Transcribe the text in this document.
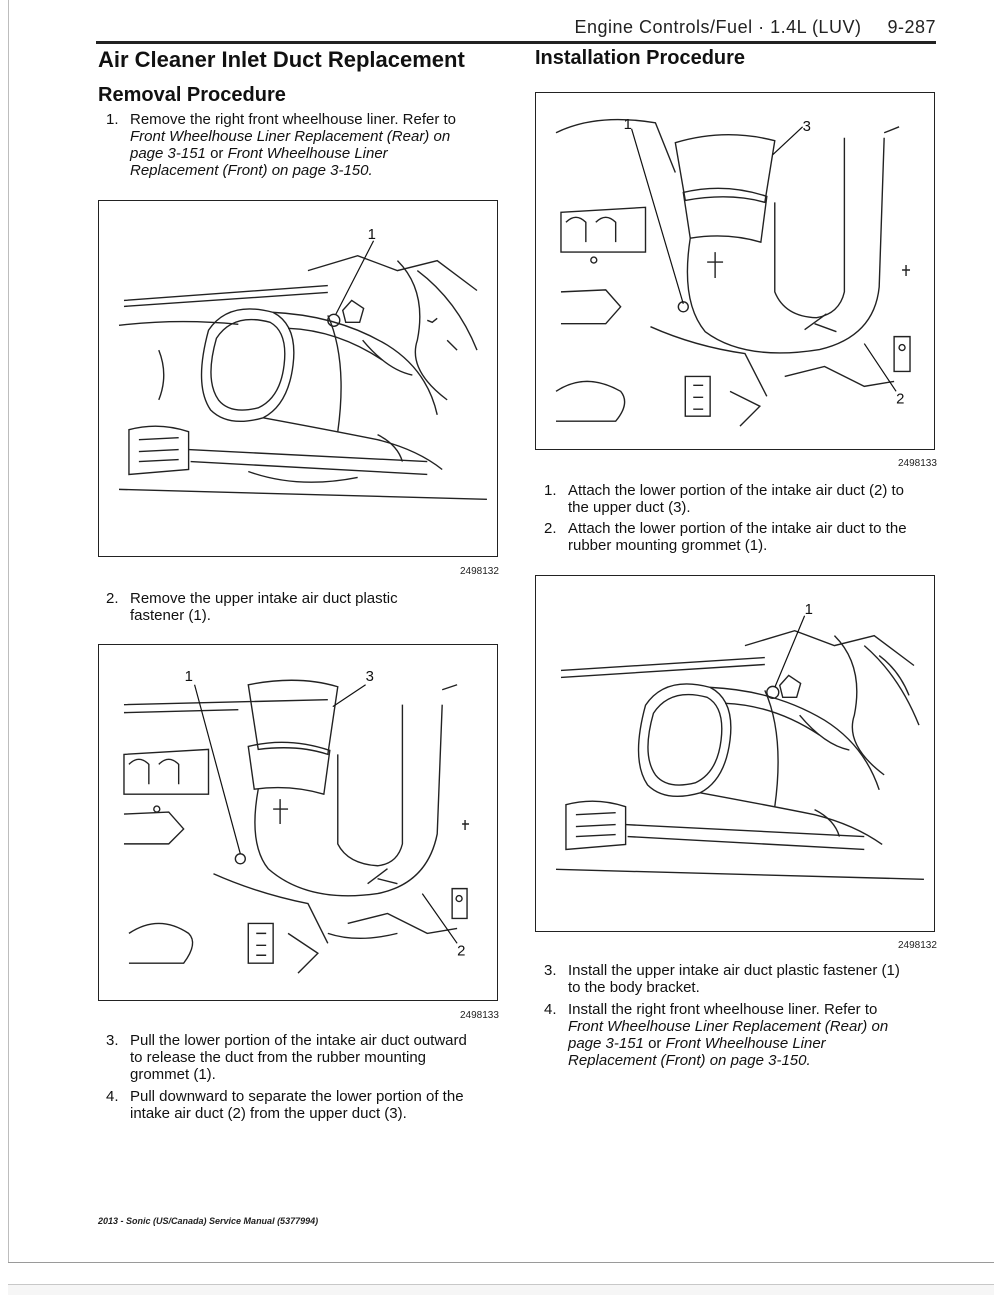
Engine Controls/Fuel · 1.4L (LUV) 9-287
Air Cleaner Inlet Duct Replacement
Removal Procedure
1. Remove the right front wheelhouse liner. Refer to
Front Wheelhouse Liner Replacement (Rear) on
page 3-151 or Front Wheelhouse Liner
Replacement (Front) on page 3-150.
1
2498132
2. Remove the upper intake air duct plastic
fastener (1).
1	3
2
2498133
3. Pull the lower portion of the intake air duct outward
to release the duct from the rubber mounting
grommet (1).
4. Pull downward to separate the lower portion of the
intake air duct (2) from the upper duct (3).
Installation Procedure
1	3
2
2498133
1. Attach the lower portion of the intake air duct (2) to
the upper duct (3).
2. Attach the lower portion of the intake air duct to the
rubber mounting grommet (1).
1
2498132
3. Install the upper intake air duct plastic fastener (1)
to the body bracket.
4. Install the right front wheelhouse liner. Refer to
Front Wheelhouse Liner Replacement (Rear) on
page 3-151 or Front Wheelhouse Liner
Replacement (Front) on page 3-150.
2013 - Sonic (US/Canada) Service Manual (5377994)
